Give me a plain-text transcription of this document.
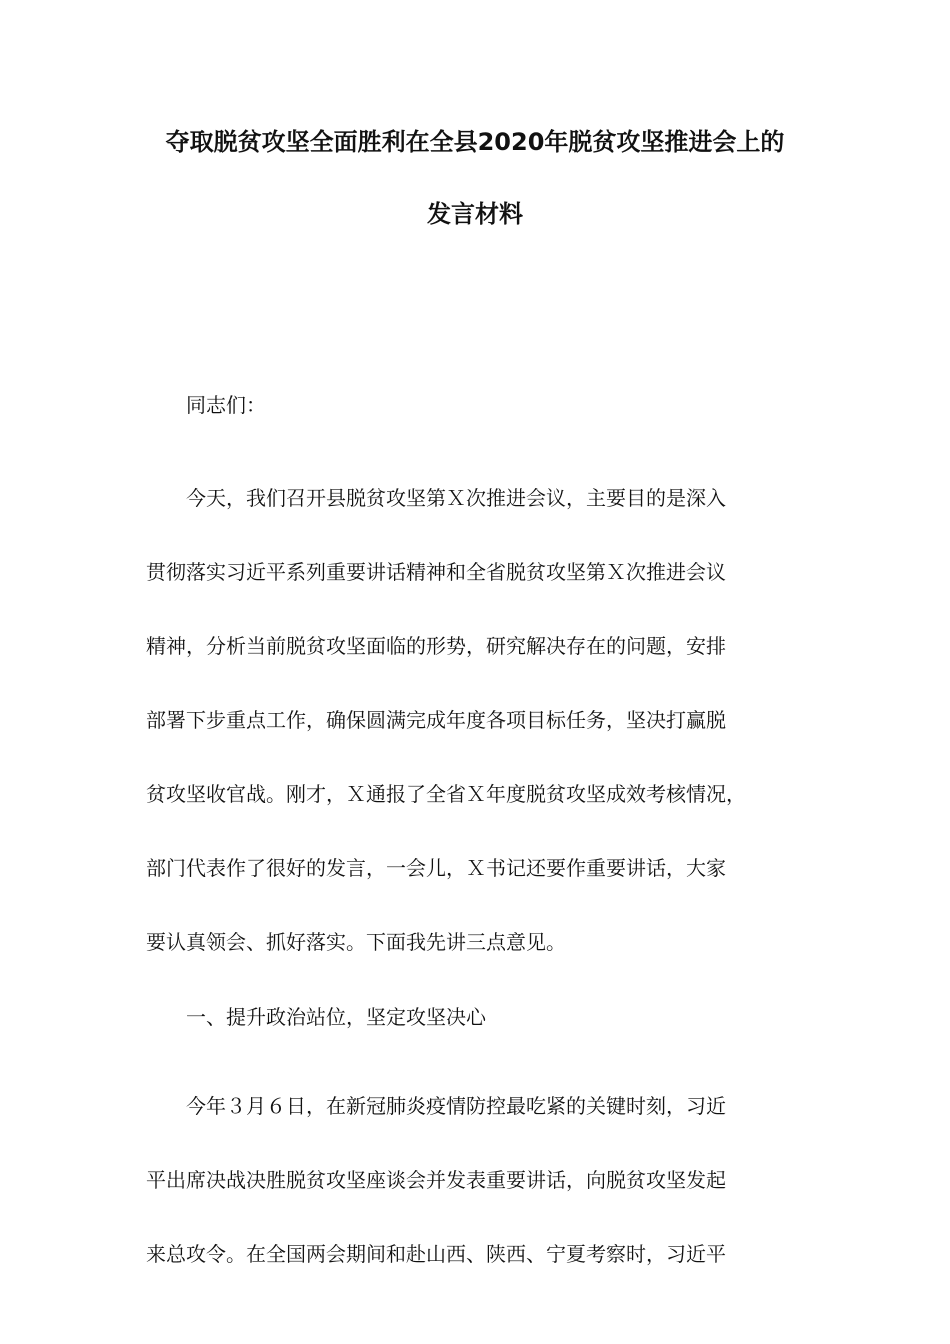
夺取脱贫攻坚全面胜利在全县2020年脱贫攻坚推进会上的

发言材料

同志们：

今天，我们召开县脱贫攻坚第Ｘ次推进会议，主要目的是深入
贯彻落实习近平系列重要讲话精神和全省脱贫攻坚第Ｘ次推进会议
精神，分析当前脱贫攻坚面临的形势，研究解决存在的问题，安排
部署下步重点工作，确保圆满完成年度各项目标任务，坚决打赢脱
贫攻坚收官战。刚才，Ｘ通报了全省Ｘ年度脱贫攻坚成效考核情况，
部门代表作了很好的发言，一会儿，Ｘ书记还要作重要讲话，大家
要认真领会、抓好落实。下面我先讲三点意见。

一、提升政治站位，坚定攻坚决心

今年３月６日，在新冠肺炎疫情防控最吃紧的关键时刻，习近
平出席决战决胜脱贫攻坚座谈会并发表重要讲话，向脱贫攻坚发起
来总攻令。在全国两会期间和赴山西、陕西、宁夏考察时，习近平
